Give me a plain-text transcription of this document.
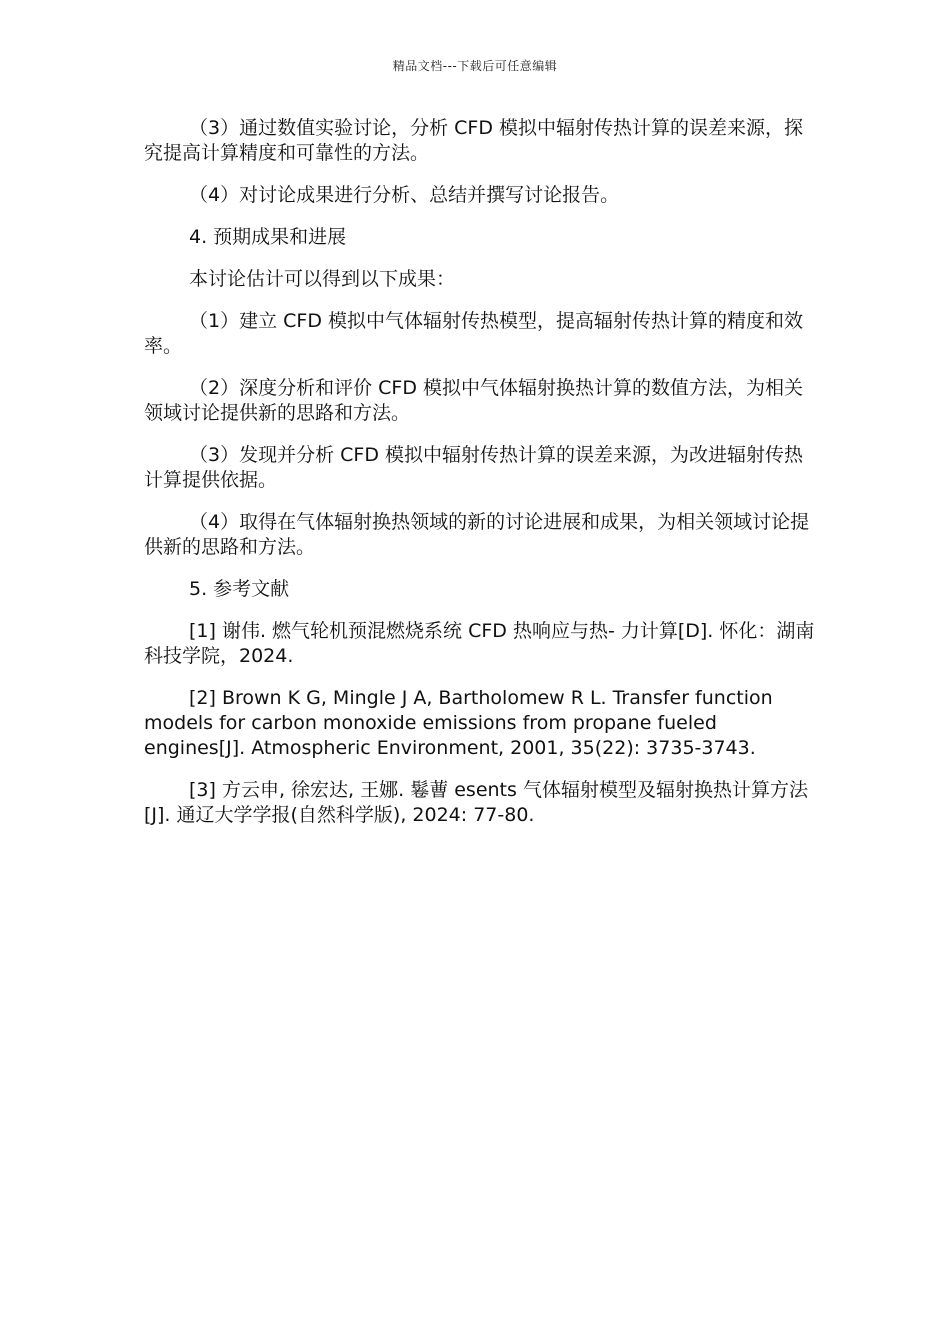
精品文档---下载后可任意编辑

（3）通过数值实验讨论，分析 CFD 模拟中辐射传热计算的误差来源，探究提高计算精度和可靠性的方法。

（4）对讨论成果进行分析、总结并撰写讨论报告。

4. 预期成果和进展

本讨论估计可以得到以下成果：

（1）建立 CFD 模拟中气体辐射传热模型，提高辐射传热计算的精度和效率。

（2）深度分析和评价 CFD 模拟中气体辐射换热计算的数值方法，为相关领域讨论提供新的思路和方法。

（3）发现并分析 CFD 模拟中辐射传热计算的误差来源，为改进辐射传热计算提供依据。

（4）取得在气体辐射换热领域的新的讨论进展和成果，为相关领域讨论提供新的思路和方法。

5. 参考文献

[1] 谢伟. 燃气轮机预混燃烧系统 CFD 热响应与热- 力计算[D]. 怀化：湖南科技学院，2024.

[2] Brown K G, Mingle J A, Bartholomew R L. Transfer function models for carbon monoxide emissions from propane fueled engines[J]. Atmospheric Environment, 2001, 35(22): 3735-3743.

[3] 方云申, 徐宏达, 王娜. 鬈蓸 esents 气体辐射模型及辐射换热计算方法[J]. 通辽大学学报(自然科学版), 2024: 77-80.
